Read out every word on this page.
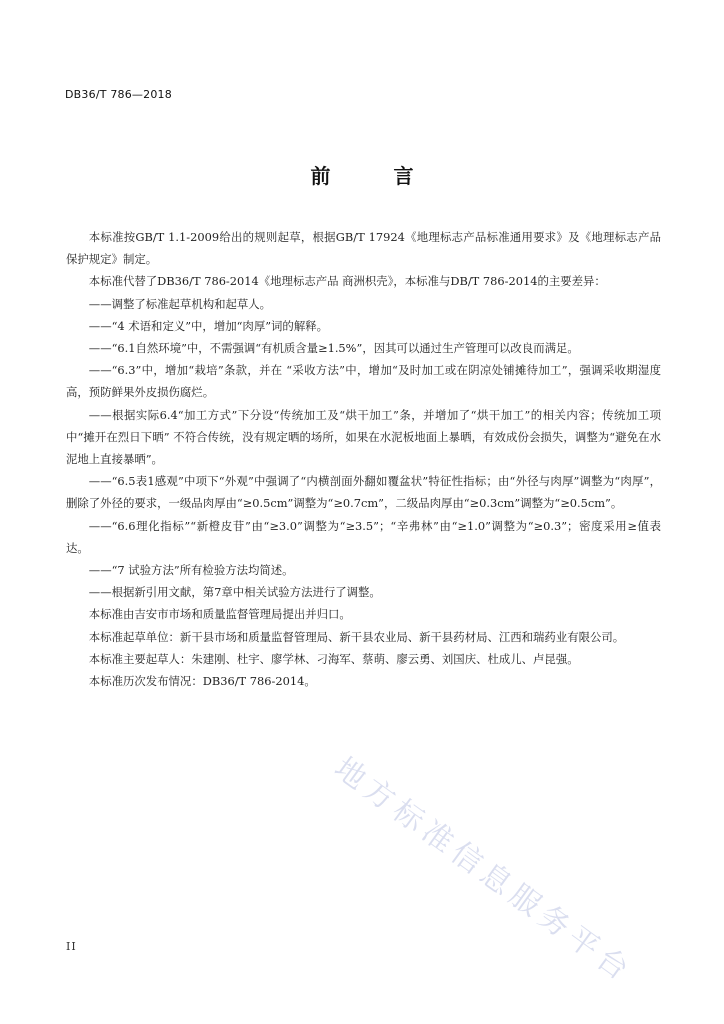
DB36/T 786—2018
前 言

本标准按GB/T 1.1-2009给出的规则起草，根据GB/T 17924《地理标志产品标准通用要求》及《地理标志产品保护规定》制定。

本标准代替了DB36/T 786-2014《地理标志产品 商洲枳壳》，本标准与DB/T 786-2014的主要差异：

——调整了标准起草机构和起草人。

——“4 术语和定义”中，增加“肉厚”词的解释。

——“6.1自然环境”中，不需强调“有机质含量≥1.5%”，因其可以通过生产管理可以改良而满足。

——“6.3”中，增加“栽培”条款，并在 “采收方法”中，增加“及时加工或在阴凉处铺摊待加工”，强调采收期湿度高，预防鲜果外皮损伤腐烂。

——根据实际6.4“加工方式”下分设“传统加工及“烘干加工”条，并增加了“烘干加工”的相关内容；传统加工项中“摊开在烈日下晒” 不符合传统，没有规定晒的场所，如果在水泥板地面上暴晒，有效成份会损失，调整为“避免在水泥地上直接暴晒”。

——“6.5表1感观”中项下“外观”中强调了“内横剖面外翻如覆盆状”特征性指标；由“外径与肉厚”调整为“肉厚”，删除了外径的要求，一级品肉厚由“≥0.5cm”调整为“≥0.7cm”，二级品肉厚由“≥0.3cm”调整为“≥0.5cm”。

——“6.6理化指标”“新橙皮苷”由“≥3.0”调整为“≥3.5”；“辛弗林”由“≥1.0”调整为“≥0.3”；密度采用≥值表达。

——“7 试验方法”所有检验方法均简述。

——根据新引用文献，第7章中相关试验方法进行了调整。

本标准由吉安市市场和质量监督管理局提出并归口。

本标准起草单位：新干县市场和质量监督管理局、新干县农业局、新干县药材局、江西和瑞药业有限公司。

本标准主要起草人：朱建刚、杜宇、廖学林、刁海军、蔡萌、廖云勇、刘国庆、杜成儿、卢昆强。

本标准历次发布情况：DB36/T 786-2014。

地方标准信息服务平台
II
